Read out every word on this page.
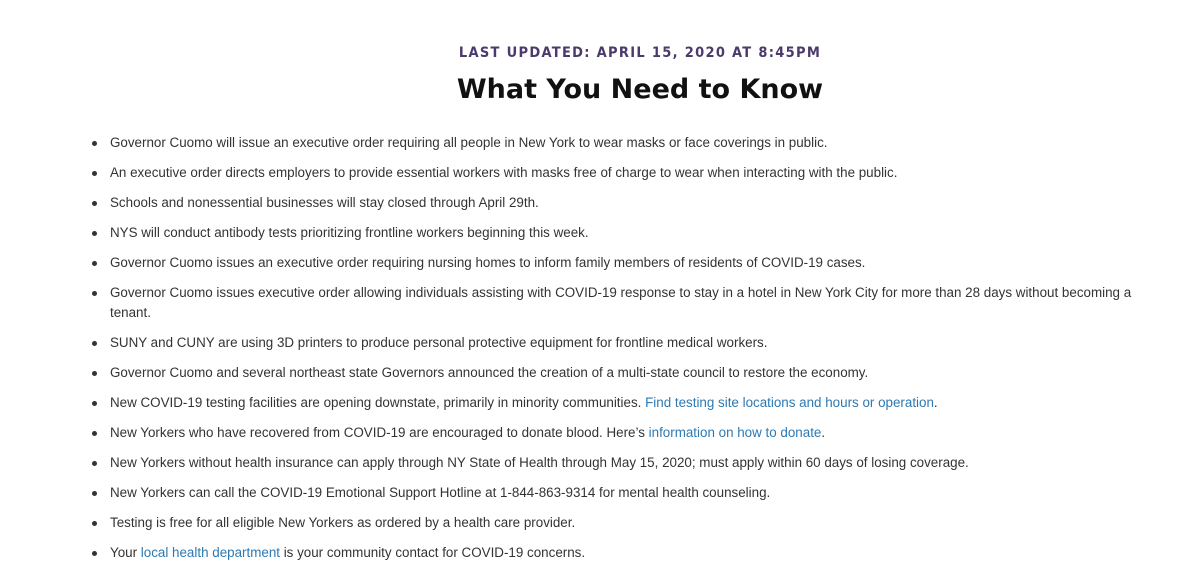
LAST UPDATED: APRIL 15, 2020 AT 8:45PM
What You Need to Know
Governor Cuomo will issue an executive order requiring all people in New York to wear masks or face coverings in public.
An executive order directs employers to provide essential workers with masks free of charge to wear when interacting with the public.
Schools and nonessential businesses will stay closed through April 29th.
NYS will conduct antibody tests prioritizing frontline workers beginning this week.
Governor Cuomo issues an executive order requiring nursing homes to inform family members of residents of COVID-19 cases.
Governor Cuomo issues executive order allowing individuals assisting with COVID-19 response to stay in a hotel in New York City for more than 28 days without becoming a tenant.
SUNY and CUNY are using 3D printers to produce personal protective equipment for frontline medical workers.
Governor Cuomo and several northeast state Governors announced the creation of a multi-state council to restore the economy.
New COVID-19 testing facilities are opening downstate, primarily in minority communities. Find testing site locations and hours or operation.
New Yorkers who have recovered from COVID-19 are encouraged to donate blood. Here’s information on how to donate.
New Yorkers without health insurance can apply through NY State of Health through May 15, 2020; must apply within 60 days of losing coverage.
New Yorkers can call the COVID-19 Emotional Support Hotline at 1-844-863-9314 for mental health counseling.
Testing is free for all eligible New Yorkers as ordered by a health care provider.
Your local health department is your community contact for COVID-19 concerns.
